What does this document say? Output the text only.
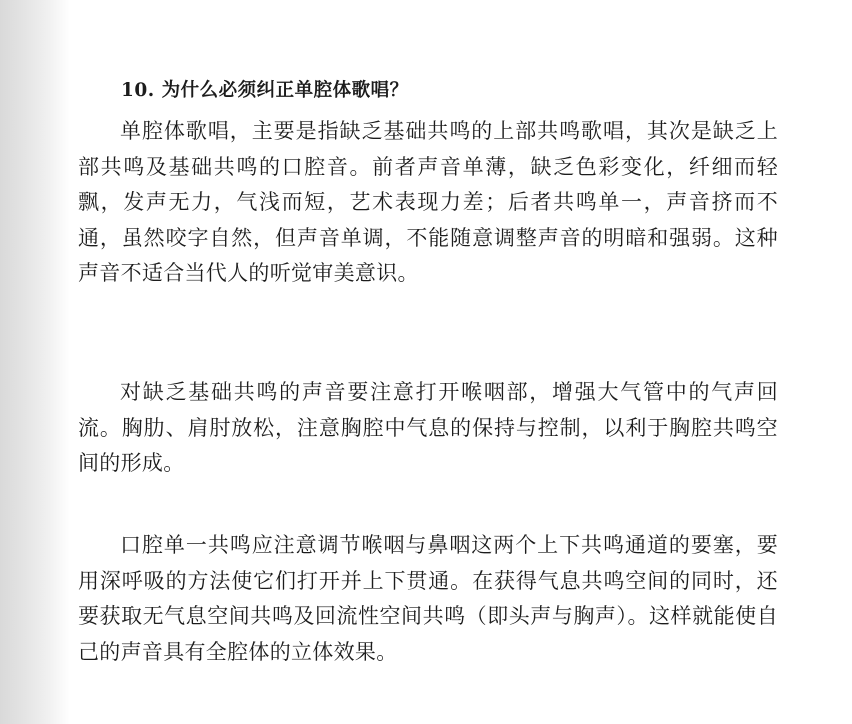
10. 为什么必须纠正单腔体歌唱？

单腔体歌唱，主要是指缺乏基础共鸣的上部共鸣歌唱，其次是缺乏上部共鸣及基础共鸣的口腔音。前者声音单薄，缺乏色彩变化，纤细而轻飘，发声无力，气浅而短，艺术表现力差；后者共鸣单一，声音挤而不通，虽然咬字自然，但声音单调，不能随意调整声音的明暗和强弱。这种声音不适合当代人的听觉审美意识。

对缺乏基础共鸣的声音要注意打开喉咽部，增强大气管中的气声回流。胸肋、肩肘放松，注意胸腔中气息的保持与控制，以利于胸腔共鸣空间的形成。

口腔单一共鸣应注意调节喉咽与鼻咽这两个上下共鸣通道的要塞，要用深呼吸的方法使它们打开并上下贯通。在获得气息共鸣空间的同时，还要获取无气息空间共鸣及回流性空间共鸣（即头声与胸声）。这样就能使自己的声音具有全腔体的立体效果。
